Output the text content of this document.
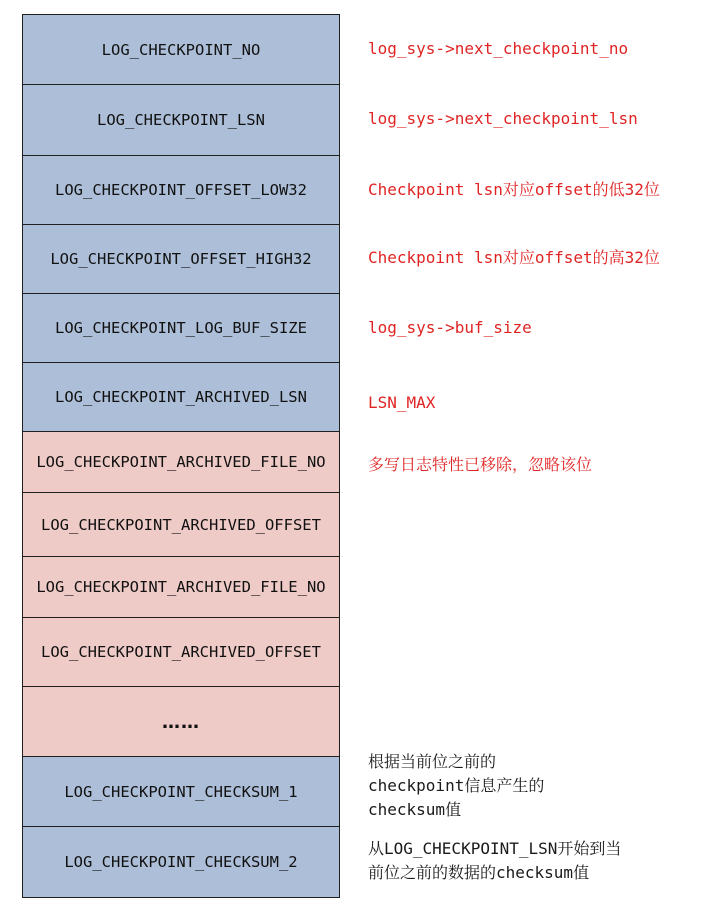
LOG_CHECKPOINT_NO
LOG_CHECKPOINT_LSN
LOG_CHECKPOINT_OFFSET_LOW32
LOG_CHECKPOINT_OFFSET_HIGH32
LOG_CHECKPOINT_LOG_BUF_SIZE
LOG_CHECKPOINT_ARCHIVED_LSN
LOG_CHECKPOINT_ARCHIVED_FILE_NO
LOG_CHECKPOINT_ARCHIVED_OFFSET
LOG_CHECKPOINT_ARCHIVED_FILE_NO
LOG_CHECKPOINT_ARCHIVED_OFFSET
……
LOG_CHECKPOINT_CHECKSUM_1
LOG_CHECKPOINT_CHECKSUM_2
log_sys->next_checkpoint_no
log_sys->next_checkpoint_lsn
Checkpoint lsn对应offset的低32位
Checkpoint lsn对应offset的高32位
log_sys->buf_size
LSN_MAX
多写日志特性已移除，忽略该位
根据当前位之前的
checkpoint信息产生的
checksum值
从LOG_CHECKPOINT_LSN开始到当
前位之前的数据的checksum值
